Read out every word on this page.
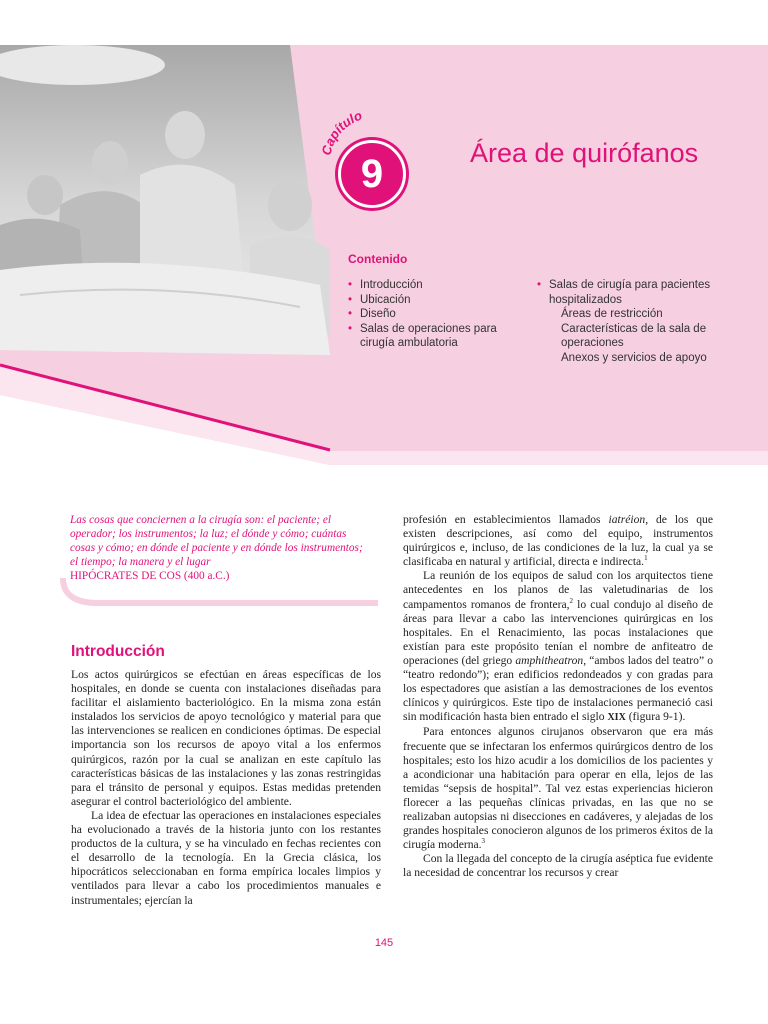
Capítulo
9	Área de quirófanos
Contenido
• Introducción
• Ubicación
• Diseño
• Salas de operaciones para cirugía ambulatoria
• Salas de cirugía para pacientes hospitalizados
Áreas de restricción
Características de la sala de operaciones
Anexos y servicios de apoyo
Las cosas que conciernen a la cirugía son: el paciente; el operador; los instrumentos; la luz; el dónde y cómo; cuántas cosas y cómo; en dónde el paciente y en dónde los instrumentos; el tiempo; la manera y el lugar
HIPÓCRATES DE COS (400 a.C.)
Introducción

Los actos quirúrgicos se efectúan en áreas específicas de los hospitales, en donde se cuenta con instalaciones diseñadas para facilitar el aislamiento bacteriológico. En la misma zona están instalados los servicios de apoyo tecnológico y material para que las intervenciones se realicen en condiciones óptimas. De especial importancia son los recursos de apoyo vital a los enfermos quirúrgicos, razón por la cual se analizan en este capítulo las características básicas de las instalaciones y las zonas restringidas para el tránsito de personal y equipos. Estas medidas pretenden asegurar el control bacteriológico del ambiente.

La idea de efectuar las operaciones en instalaciones especiales ha evolucionado a través de la historia junto con los restantes productos de la cultura, y se ha vinculado en fechas recientes con el desarrollo de la tecnología. En la Grecia clásica, los hipocráticos seleccionaban en forma empírica locales limpios y ventilados para llevar a cabo los procedimientos manuales e instrumentales; ejercían la

profesión en establecimientos llamados iatréion, de los que existen descripciones, así como del equipo, instrumentos quirúrgicos e, incluso, de las condiciones de la luz, la cual ya se clasificaba en natural y artificial, directa e indirecta.$^1$

La reunión de los equipos de salud con los arquitectos tiene antecedentes en los planos de las valetudinarias de los campamentos romanos de frontera,$^2$ lo cual condujo al diseño de áreas para llevar a cabo las intervenciones quirúrgicas en los hospitales. En el Renacimiento, las pocas instalaciones que existían para este propósito tenían el nombre de anfiteatro de operaciones (del griego amphitheatron, “ambos lados del teatro” o “teatro redondo”); eran edificios redondeados y con gradas para los espectadores que asistían a las demostraciones de los eventos clínicos y quirúrgicos. Este tipo de instalaciones permaneció casi sin modificación hasta bien entrado el siglo XIX (figura 9-1).

Para entonces algunos cirujanos observaron que era más frecuente que se infectaran los enfermos quirúrgicos dentro de los hospitales; esto los hizo acudir a los domicilios de los pacientes y a acondicionar una habitación para operar en ella, lejos de las temidas “sepsis de hospital”. Tal vez estas experiencias hicieron florecer a las pequeñas clínicas privadas, en las que no se realizaban autopsias ni disecciones en cadáveres, y alejadas de los grandes hospitales conocieron algunos de los primeros éxitos de la cirugía moderna.$^3$

Con la llegada del concepto de la cirugía aséptica fue evidente la necesidad de concentrar los recursos y crear

145
